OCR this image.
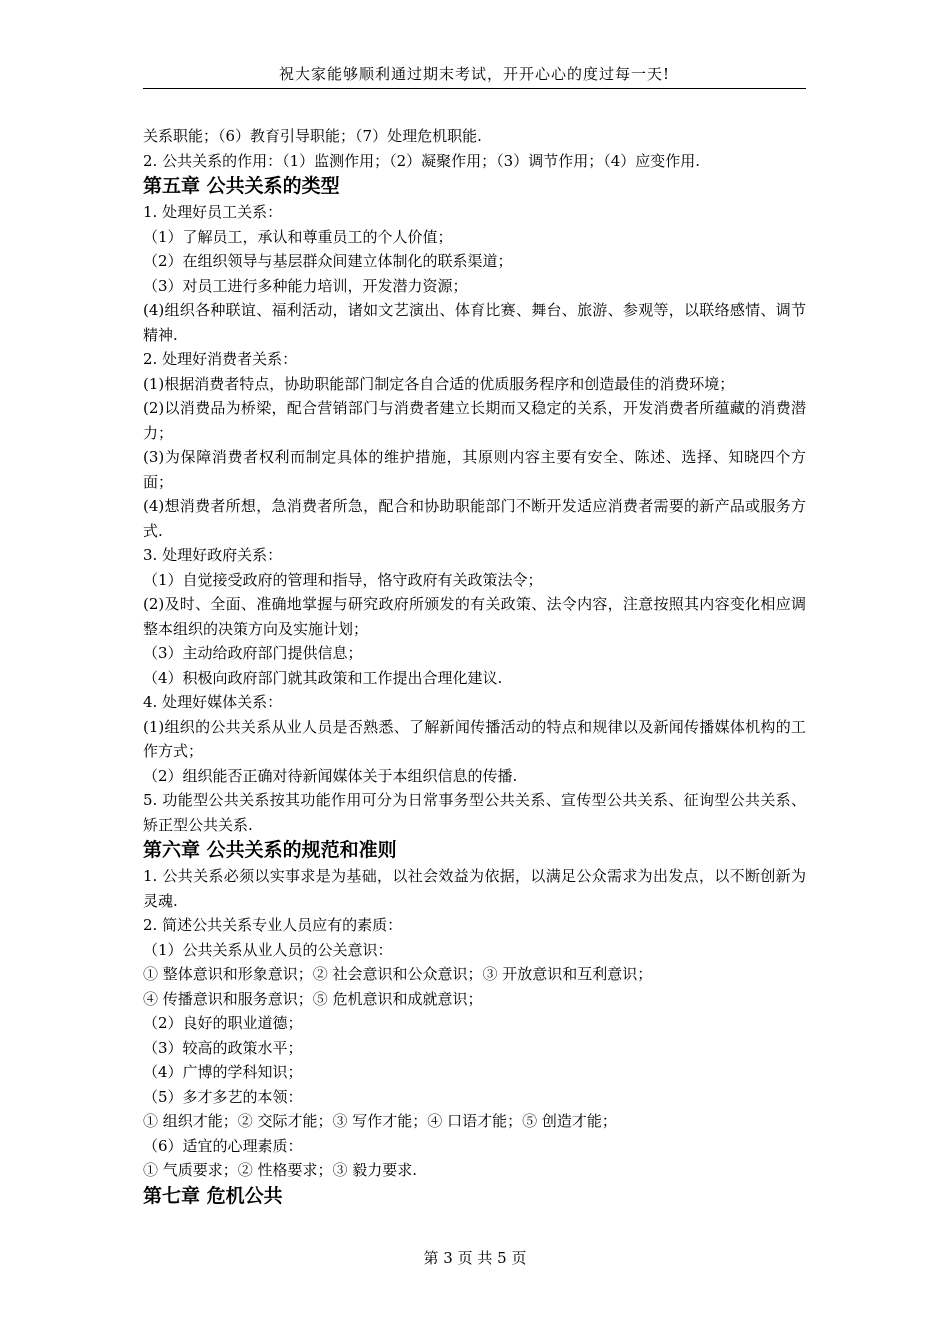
祝大家能够顺利通过期末考试，开开心心的度过每一天!
关系职能；（6）教育引导职能；（7）处理危机职能.
2. 公共关系的作用：（1）监测作用；（2）凝聚作用；（3）调节作用；（4）应变作用.
第五章 公共关系的类型
1. 处理好员工关系：
（1）了解员工，承认和尊重员工的个人价值；
（2）在组织领导与基层群众间建立体制化的联系渠道；
（3）对员工进行多种能力培训，开发潜力资源；
(4)组织各种联谊、福利活动，诸如文艺演出、体育比赛、舞台、旅游、参观等，以联络感情、调节精神.
2. 处理好消费者关系：
(1)根据消费者特点，协助职能部门制定各自合适的优质服务程序和创造最佳的消费环境；
(2)以消费品为桥梁，配合营销部门与消费者建立长期而又稳定的关系，开发消费者所蕴藏的消费潜力；
(3)为保障消费者权利而制定具体的维护措施，其原则内容主要有安全、陈述、选择、知晓四个方面；
(4)想消费者所想，急消费者所急，配合和协助职能部门不断开发适应消费者需要的新产品或服务方式.
3. 处理好政府关系：
（1）自觉接受政府的管理和指导，恪守政府有关政策法令；
(2)及时、全面、准确地掌握与研究政府所颁发的有关政策、法令内容，注意按照其内容变化相应调整本组织的决策方向及实施计划；
（3）主动给政府部门提供信息；
（4）积极向政府部门就其政策和工作提出合理化建议.
4. 处理好媒体关系：
(1)组织的公共关系从业人员是否熟悉、了解新闻传播活动的特点和规律以及新闻传播媒体机构的工作方式；
（2）组织能否正确对待新闻媒体关于本组织信息的传播.
5. 功能型公共关系按其功能作用可分为日常事务型公共关系、宣传型公共关系、征询型公共关系、矫正型公共关系.
第六章 公共关系的规范和准则
1. 公共关系必须以实事求是为基础，以社会效益为依据，以满足公众需求为出发点，以不断创新为灵魂.
2. 简述公共关系专业人员应有的素质：
（1）公共关系从业人员的公关意识：
① 整体意识和形象意识；② 社会意识和公众意识；③ 开放意识和互利意识；
④ 传播意识和服务意识；⑤ 危机意识和成就意识；
（2）良好的职业道德；
（3）较高的政策水平；
（4）广博的学科知识；
（5）多才多艺的本领：
① 组织才能；② 交际才能；③ 写作才能；④ 口语才能；⑤ 创造才能；
（6）适宜的心理素质：
① 气质要求；② 性格要求；③ 毅力要求.
第七章 危机公共
第 3 页 共 5 页
